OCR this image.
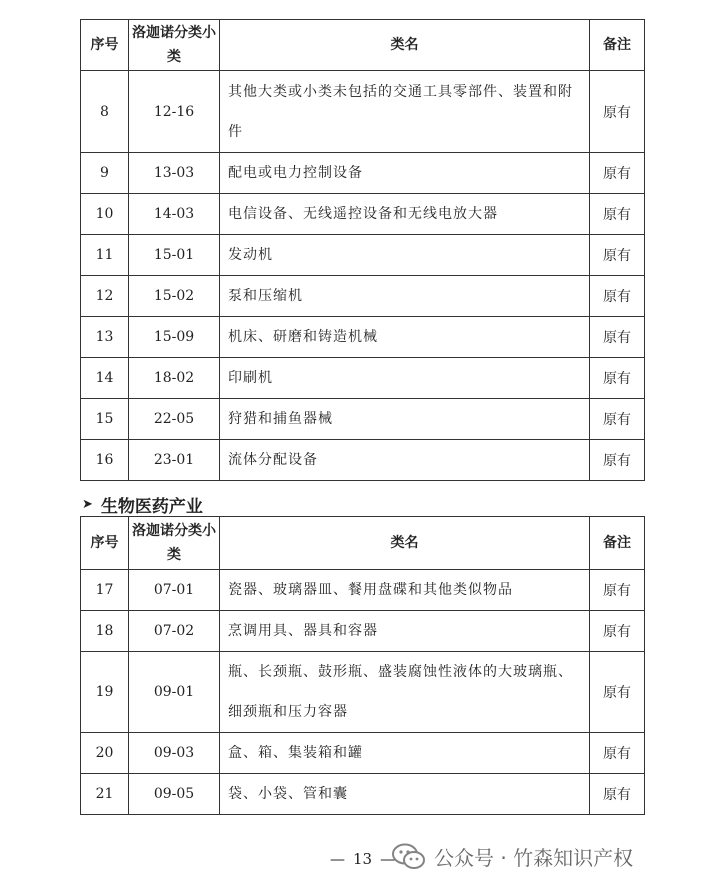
序号	洛迦诺分类小类	类名	备注
8	12-16	其他大类或小类未包括的交通工具零部件、装置和附件	原有
9	13-03	配电或电力控制设备	原有
10	14-03	电信设备、无线遥控设备和无线电放大器	原有
11	15-01	发动机	原有
12	15-02	泵和压缩机	原有
13	15-09	机床、研磨和铸造机械	原有
14	18-02	印刷机	原有
15	22-05	狩猎和捕鱼器械	原有
16	23-01	流体分配设备	原有
➤ 生物医药产业
序号	洛迦诺分类小类	类名	备注
17	07-01	瓷器、玻璃器皿、餐用盘碟和其他类似物品	原有
18	07-02	烹调用具、器具和容器	原有
19	09-01	瓶、长颈瓶、鼓形瓶、盛装腐蚀性液体的大玻璃瓶、细颈瓶和压力容器	原有
20	09-03	盒、箱、集装箱和罐	原有
21	09-05	袋、小袋、管和囊	原有
— 13 — 公众号 · 竹森知识产权
